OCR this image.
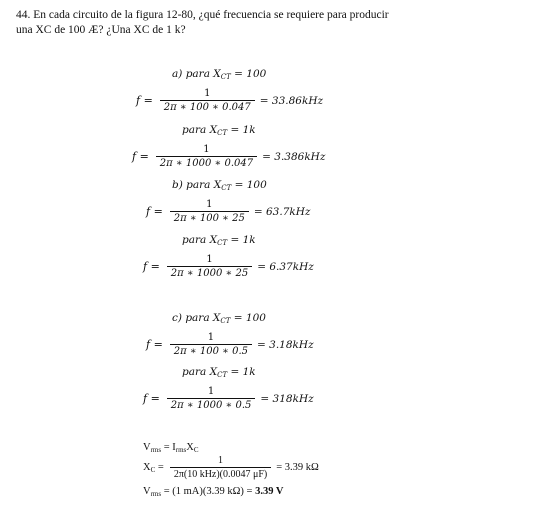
44. En cada circuito de la figura 12-80, ¿qué frecuencia se requiere para producir
una XC de 100 Æ? ¿Una XC de 1 k?
a) para $X_{CT} = 100$
$f = \frac{1}{2\pi ∗ 100 ∗ 0.047} = 33.86kHz$
para $X_{CT} = 1k$
$f = \frac{1}{2\pi ∗ 1000 ∗ 0.047} = 3.386kHz$
b) para $X_{CT} = 100$
$f = \frac{1}{2\pi ∗ 100 ∗ 25} = 63.7kHz$
para $X_{CT} = 1k$
$f = \frac{1}{2\pi ∗ 1000 ∗ 25} = 6.37kHz$
c) para $X_{CT} = 100$
$f = \frac{1}{2\pi ∗ 100 ∗ 0.5} = 3.18kHz$
para $X_{CT} = 1k$
$f = \frac{1}{2\pi ∗ 1000 ∗ 0.5} = 318kHz$
$V_{rms} = I_{rms}X_C$
$X_C = \frac{1}{\text{2π(10 kHz)(0.0047 μF)}} = 3.39$ kΩ
$V_{rms} = (1$ mA)(3.39 kΩ) = 3.39 V
